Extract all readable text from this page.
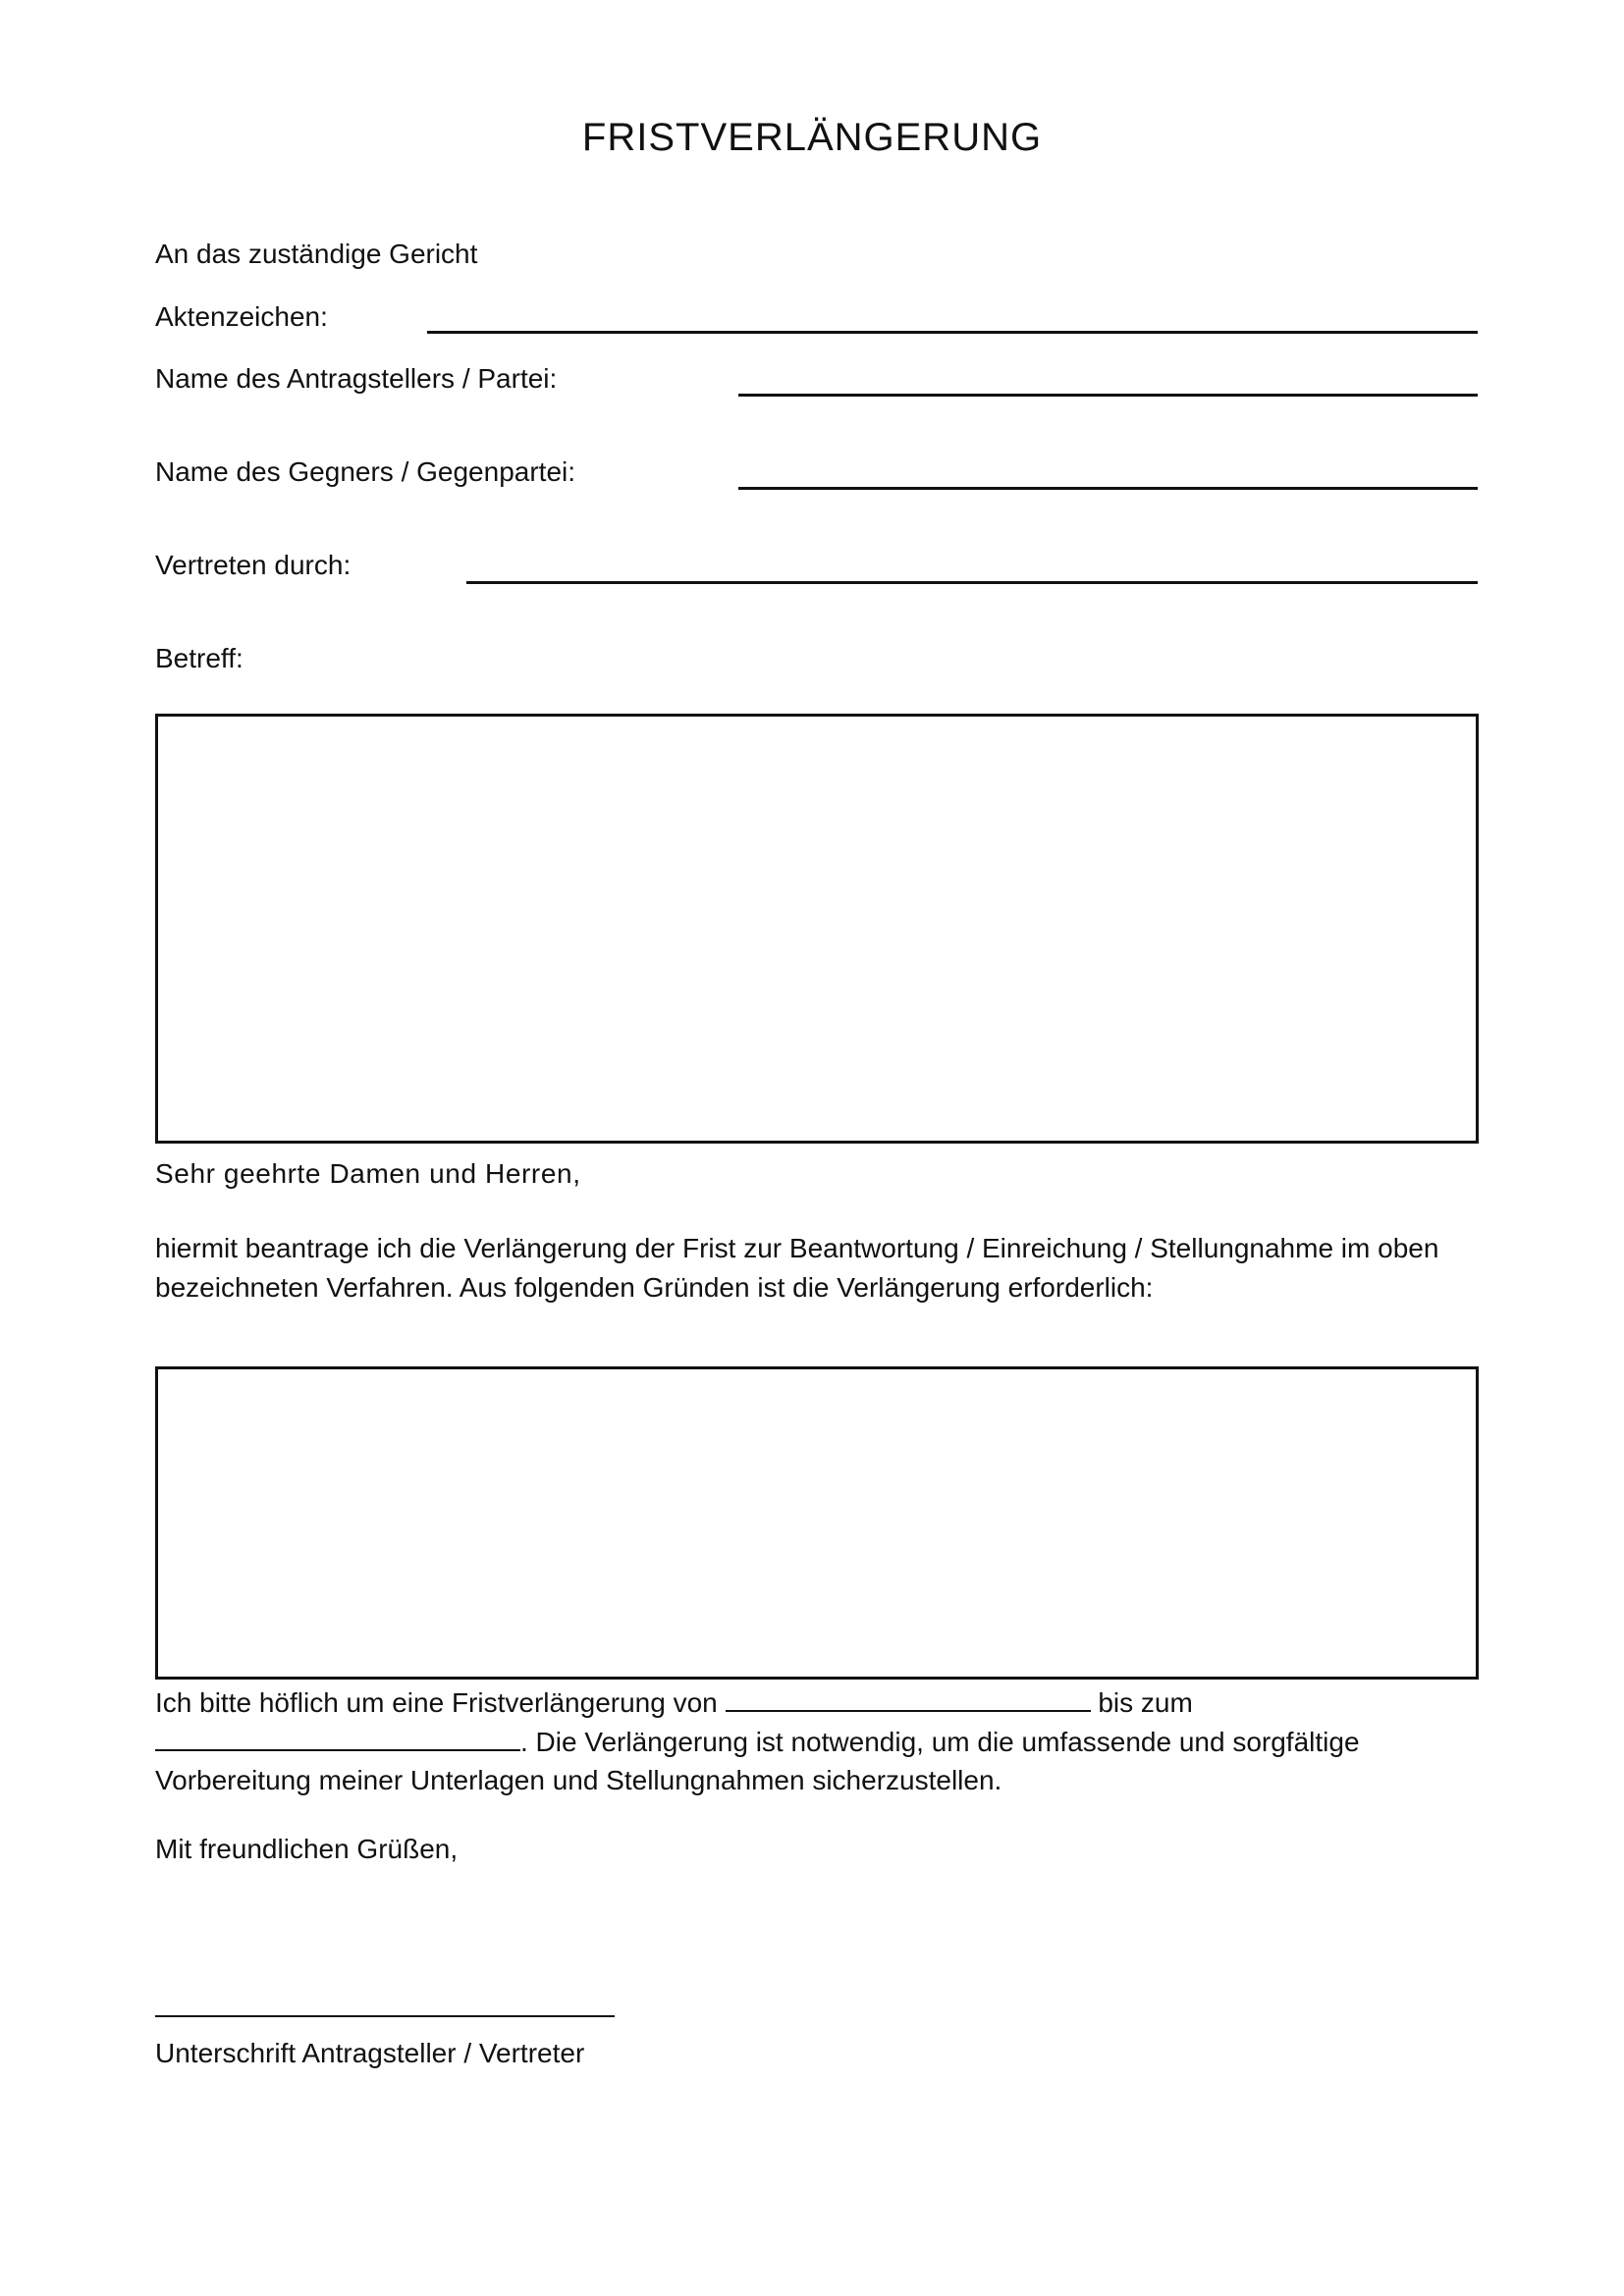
FRISTVERLÄNGERUNG
An das zuständige Gericht
Aktenzeichen:
Name des Antragstellers / Partei:
Name des Gegners / Gegenpartei:
Vertreten durch:
Betreff:
Sehr geehrte Damen und Herren,
hiermit beantrage ich die Verlängerung der Frist zur Beantwortung / Einreichung / Stellungnahme im oben
bezeichneten Verfahren. Aus folgenden Gründen ist die Verlängerung erforderlich:
Ich bitte höflich um eine Fristverlängerung von	bis zum
. Die Verlängerung ist notwendig, um die umfassende und sorgfältige
Vorbereitung meiner Unterlagen und Stellungnahmen sicherzustellen.
Mit freundlichen Grüßen,
Unterschrift Antragsteller / Vertreter
